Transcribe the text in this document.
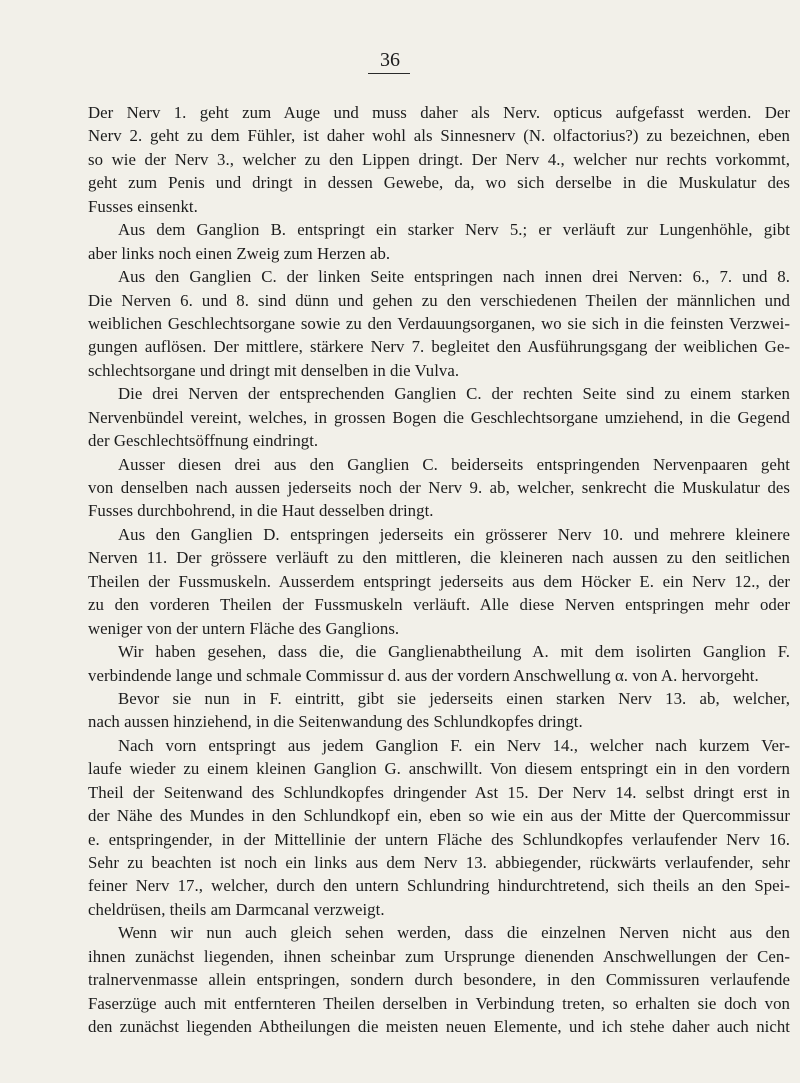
36
Der Nerv 1. geht zum Auge und muss daher als Nerv. opticus aufgefasst werden. Der
Nerv 2. geht zu dem Fühler, ist daher wohl als Sinnesnerv (N. olfactorius?) zu bezeichnen, eben
so wie der Nerv 3., welcher zu den Lippen dringt. Der Nerv 4., welcher nur rechts vorkommt,
geht zum Penis und dringt in dessen Gewebe, da, wo sich derselbe in die Muskulatur des
Fusses einsenkt.
Aus dem Ganglion B. entspringt ein starker Nerv 5.; er verläuft zur Lungenhöhle, gibt
aber links noch einen Zweig zum Herzen ab.
Aus den Ganglien C. der linken Seite entspringen nach innen drei Nerven: 6., 7. und 8.
Die Nerven 6. und 8. sind dünn und gehen zu den verschiedenen Theilen der männlichen und
weiblichen Geschlechtsorgane sowie zu den Verdauungsorganen, wo sie sich in die feinsten Verzwei-
gungen auflösen. Der mittlere, stärkere Nerv 7. begleitet den Ausführungsgang der weiblichen Ge-
schlechtsorgane und dringt mit denselben in die Vulva.
Die drei Nerven der entsprechenden Ganglien C. der rechten Seite sind zu einem starken
Nervenbündel vereint, welches, in grossen Bogen die Geschlechtsorgane umziehend, in die Gegend
der Geschlechtsöffnung eindringt.
Ausser diesen drei aus den Ganglien C. beiderseits entspringenden Nervenpaaren geht
von denselben nach aussen jederseits noch der Nerv 9. ab, welcher, senkrecht die Muskulatur des
Fusses durchbohrend, in die Haut desselben dringt.
Aus den Ganglien D. entspringen jederseits ein grösserer Nerv 10. und mehrere kleinere
Nerven 11. Der grössere verläuft zu den mittleren, die kleineren nach aussen zu den seitlichen
Theilen der Fussmuskeln. Ausserdem entspringt jederseits aus dem Höcker E. ein Nerv 12., der
zu den vorderen Theilen der Fussmuskeln verläuft. Alle diese Nerven entspringen mehr oder
weniger von der untern Fläche des Ganglions.
Wir haben gesehen, dass die, die Ganglienabtheilung A. mit dem isolirten Ganglion F.
verbindende lange und schmale Commissur d. aus der vordern Anschwellung α. von A. hervorgeht.
Bevor sie nun in F. eintritt, gibt sie jederseits einen starken Nerv 13. ab, welcher,
nach aussen hinziehend, in die Seitenwandung des Schlundkopfes dringt.
Nach vorn entspringt aus jedem Ganglion F. ein Nerv 14., welcher nach kurzem Ver-
laufe wieder zu einem kleinen Ganglion G. anschwillt. Von diesem entspringt ein in den vordern
Theil der Seitenwand des Schlundkopfes dringender Ast 15. Der Nerv 14. selbst dringt erst in
der Nähe des Mundes in den Schlundkopf ein, eben so wie ein aus der Mitte der Quercommissur
e. entspringender, in der Mittellinie der untern Fläche des Schlundkopfes verlaufender Nerv 16.
Sehr zu beachten ist noch ein links aus dem Nerv 13. abbiegender, rückwärts verlaufender, sehr
feiner Nerv 17., welcher, durch den untern Schlundring hindurchtretend, sich theils an den Spei-
cheldrüsen, theils am Darmcanal verzweigt.
Wenn wir nun auch gleich sehen werden, dass die einzelnen Nerven nicht aus den
ihnen zunächst liegenden, ihnen scheinbar zum Ursprunge dienenden Anschwellungen der Cen-
tralnervenmasse allein entspringen, sondern durch besondere, in den Commissuren verlaufende
Faserzüge auch mit entfernteren Theilen derselben in Verbindung treten, so erhalten sie doch von
den zunächst liegenden Abtheilungen die meisten neuen Elemente, und ich stehe daher auch nicht
